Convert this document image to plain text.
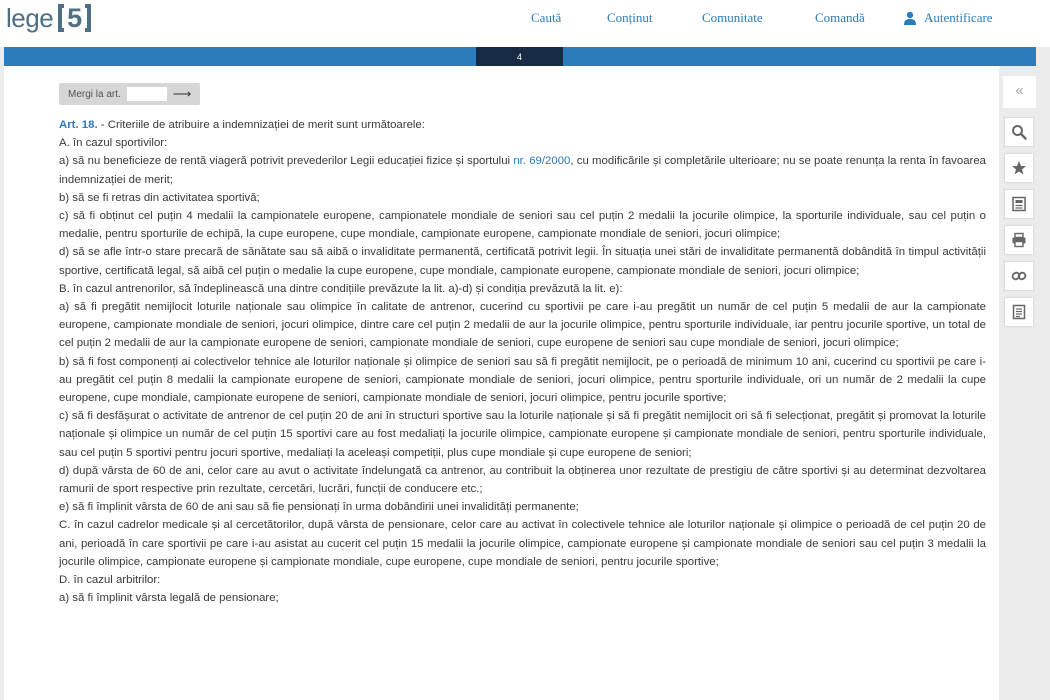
lege 5	Caută	Conținut	Comunitate	Comandă	Autentificare
4
Mergi la art.	⟶

Art. 18. - Criteriile de atribuire a indemnizației de merit sunt următoarele:

A. în cazul sportivilor:

a) să nu beneficieze de rentă viageră potrivit prevederilor Legii educației fizice și sportului nr. 69/2000, cu modificările și completările ulterioare; nu se poate renunța la renta în favoarea indemnizației de merit;

b) să se fi retras din activitatea sportivă;

c) să fi obținut cel puțin 4 medalii la campionatele europene, campionatele mondiale de seniori sau cel puțin 2 medalii la jocurile olimpice, la sporturile individuale, sau cel puțin o medalie, pentru sporturile de echipă, la cupe europene, cupe mondiale, campionate europene, campionate mondiale de seniori, jocuri olimpice;

d) să se afle într-o stare precară de sănătate sau să aibă o invaliditate permanentă, certificată potrivit legii. În situația unei stări de invaliditate permanentă dobândită în timpul activității sportive, certificată legal, să aibă cel puțin o medalie la cupe europene, cupe mondiale, campionate europene, campionate mondiale de seniori, jocuri olimpice;

B. în cazul antrenorilor, să îndeplinească una dintre condițiile prevăzute la lit. a)-d) și condiția prevăzută la lit. e):

a) să fi pregătit nemijlocit loturile naționale sau olimpice în calitate de antrenor, cucerind cu sportivii pe care i-au pregătit un număr de cel puțin 5 medalii de aur la campionate europene, campionate mondiale de seniori, jocuri olimpice, dintre care cel puțin 2 medalii de aur la jocurile olimpice, pentru sporturile individuale, iar pentru jocurile sportive, un total de cel puțin 2 medalii de aur la campionate europene de seniori, campionate mondiale de seniori, cupe europene de seniori sau cupe mondiale de seniori, jocuri olimpice;

b) să fi fost componenți ai colectivelor tehnice ale loturilor naționale și olimpice de seniori sau să fi pregătit nemijlocit, pe o perioadă de minimum 10 ani, cucerind cu sportivii pe care i-au pregătit cel puțin 8 medalii la campionate europene de seniori, campionate mondiale de seniori, jocuri olimpice, pentru sporturile individuale, ori un număr de 2 medalii la cupe europene, cupe mondiale, campionate europene de seniori, campionate mondiale de seniori, jocuri olimpice, pentru jocurile sportive;

c) să fi desfășurat o activitate de antrenor de cel puțin 20 de ani în structuri sportive sau la loturile naționale și să fi pregătit nemijlocit ori să fi selecționat, pregătit și promovat la loturile naționale și olimpice un număr de cel puțin 15 sportivi care au fost medaliați la jocurile olimpice, campionate europene și campionate mondiale de seniori, pentru sporturile individuale, sau cel puțin 5 sportivi pentru jocuri sportive, medaliați la aceleași competiții, plus cupe mondiale și cupe europene de seniori;

d) după vârsta de 60 de ani, celor care au avut o activitate îndelungată ca antrenor, au contribuit la obținerea unor rezultate de prestigiu de către sportivi și au determinat dezvoltarea ramurii de sport respective prin rezultate, cercetări, lucrări, funcții de conducere etc.;

e) să fi împlinit vârsta de 60 de ani sau să fie pensionați în urma dobândirii unei invalidități permanente;

C. în cazul cadrelor medicale și al cercetătorilor, după vârsta de pensionare, celor care au activat în colectivele tehnice ale loturilor naționale și olimpice o perioadă de cel puțin 20 de ani, perioadă în care sportivii pe care i-au asistat au cucerit cel puțin 15 medalii la jocurile olimpice, campionate europene și campionate mondiale de seniori sau cel puțin 3 medalii la jocurile olimpice, campionate europene și campionate mondiale, cupe europene, cupe mondiale de seniori, pentru jocurile sportive;

D. în cazul arbitrilor:

a) să fi împlinit vârsta legală de pensionare;

«
